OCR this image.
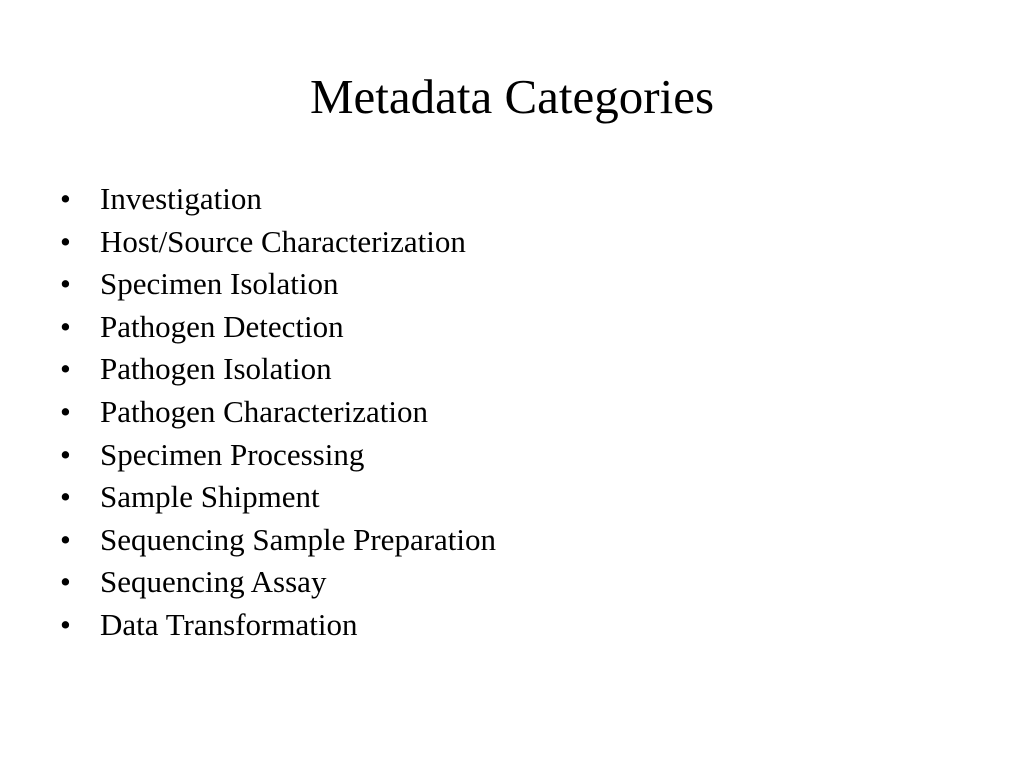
Metadata Categories
• Investigation
• Host/Source Characterization
• Specimen Isolation
• Pathogen Detection
• Pathogen Isolation
• Pathogen Characterization
• Specimen Processing
• Sample Shipment
• Sequencing Sample Preparation
• Sequencing Assay
• Data Transformation
